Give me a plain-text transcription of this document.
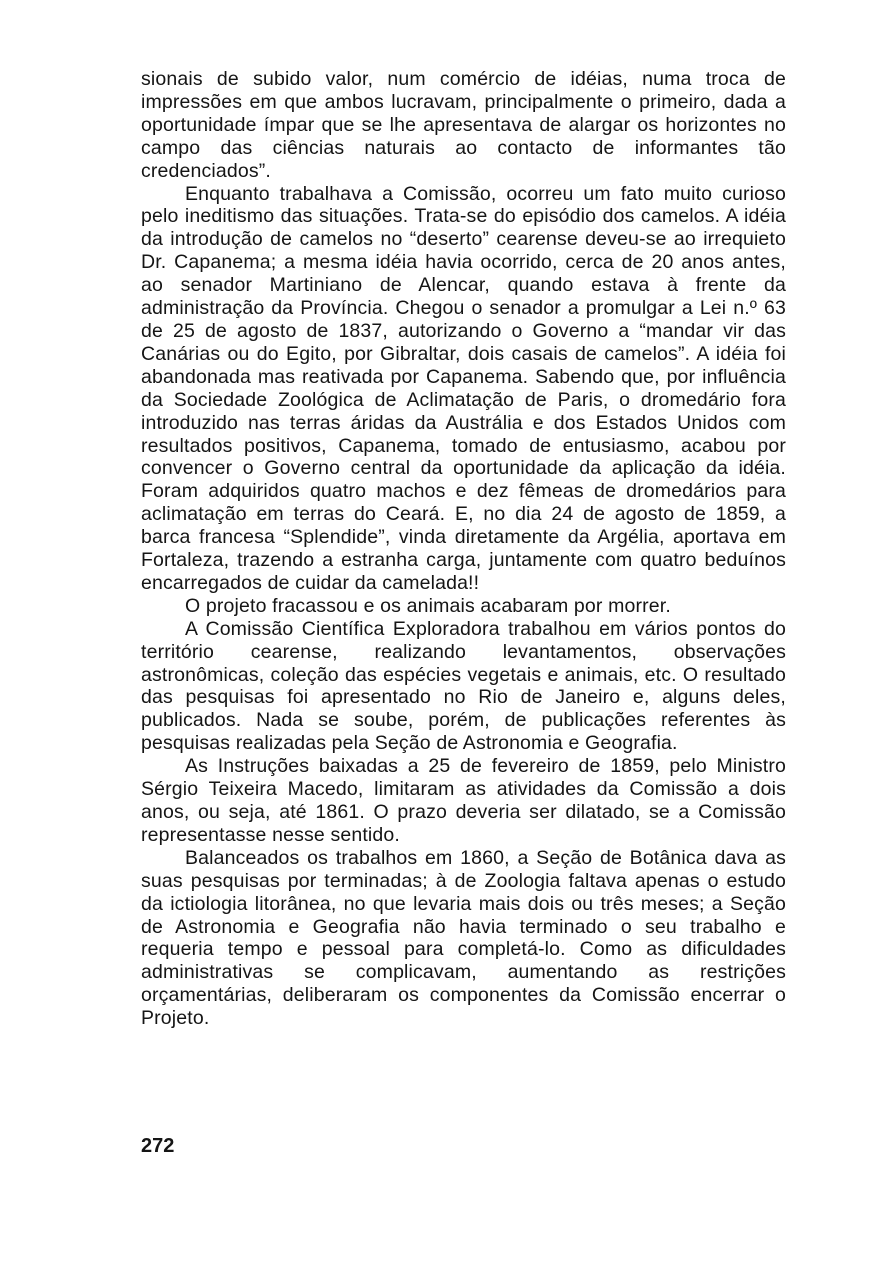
sionais de subido valor, num comércio de idéias, numa troca de impressões em que ambos lucravam, principalmente o primeiro, dada a oportunidade ímpar que se lhe apresentava de alargar os horizontes no campo das ciências naturais ao contacto de informantes tão credenciados”.

Enquanto trabalhava a Comissão, ocorreu um fato muito curioso pelo ineditismo das situações. Trata-se do episódio dos camelos. A idéia da introdução de camelos no “deserto” cearense deveu-se ao irrequieto Dr. Capanema; a mesma idéia havia ocorrido, cerca de 20 anos antes, ao senador Martiniano de Alencar, quando estava à frente da administração da Província. Chegou o senador a promulgar a Lei n.º 63 de 25 de agosto de 1837, autorizando o Governo a “mandar vir das Canárias ou do Egito, por Gibraltar, dois casais de camelos”. A idéia foi abandonada mas reativada por Capanema. Sabendo que, por influência da Sociedade Zoológica de Aclimatação de Paris, o dromedário fora introduzido nas terras áridas da Austrália e dos Estados Unidos com resultados positivos, Capanema, tomado de entusiasmo, acabou por convencer o Governo central da oportunidade da aplicação da idéia. Foram adquiridos quatro machos e dez fêmeas de dromedários para aclimatação em terras do Ceará. E, no dia 24 de agosto de 1859, a barca francesa “Splendide”, vinda diretamente da Argélia, aportava em Fortaleza, trazendo a estranha carga, juntamente com quatro beduínos encarregados de cuidar da camelada!!

O projeto fracassou e os animais acabaram por morrer.

A Comissão Científica Exploradora trabalhou em vários pontos do território cearense, realizando levantamentos, observações astronômicas, coleção das espécies vegetais e animais, etc. O resultado das pesquisas foi apresentado no Rio de Janeiro e, alguns deles, publicados. Nada se soube, porém, de publicações referentes às pesquisas realizadas pela Seção de Astronomia e Geografia.

As Instruções baixadas a 25 de fevereiro de 1859, pelo Ministro Sérgio Teixeira Macedo, limitaram as atividades da Comissão a dois anos, ou seja, até 1861. O prazo deveria ser dilatado, se a Comissão representasse nesse sentido.

Balanceados os trabalhos em 1860, a Seção de Botânica dava as suas pesquisas por terminadas; à de Zoologia faltava apenas o estudo da ictiologia litorânea, no que levaria mais dois ou três meses; a Seção de Astronomia e Geografia não havia terminado o seu trabalho e requeria tempo e pessoal para completá-lo. Como as dificuldades administrativas se complicavam, aumentando as restrições orçamentárias, deliberaram os componentes da Comissão encerrar o Projeto.

272
